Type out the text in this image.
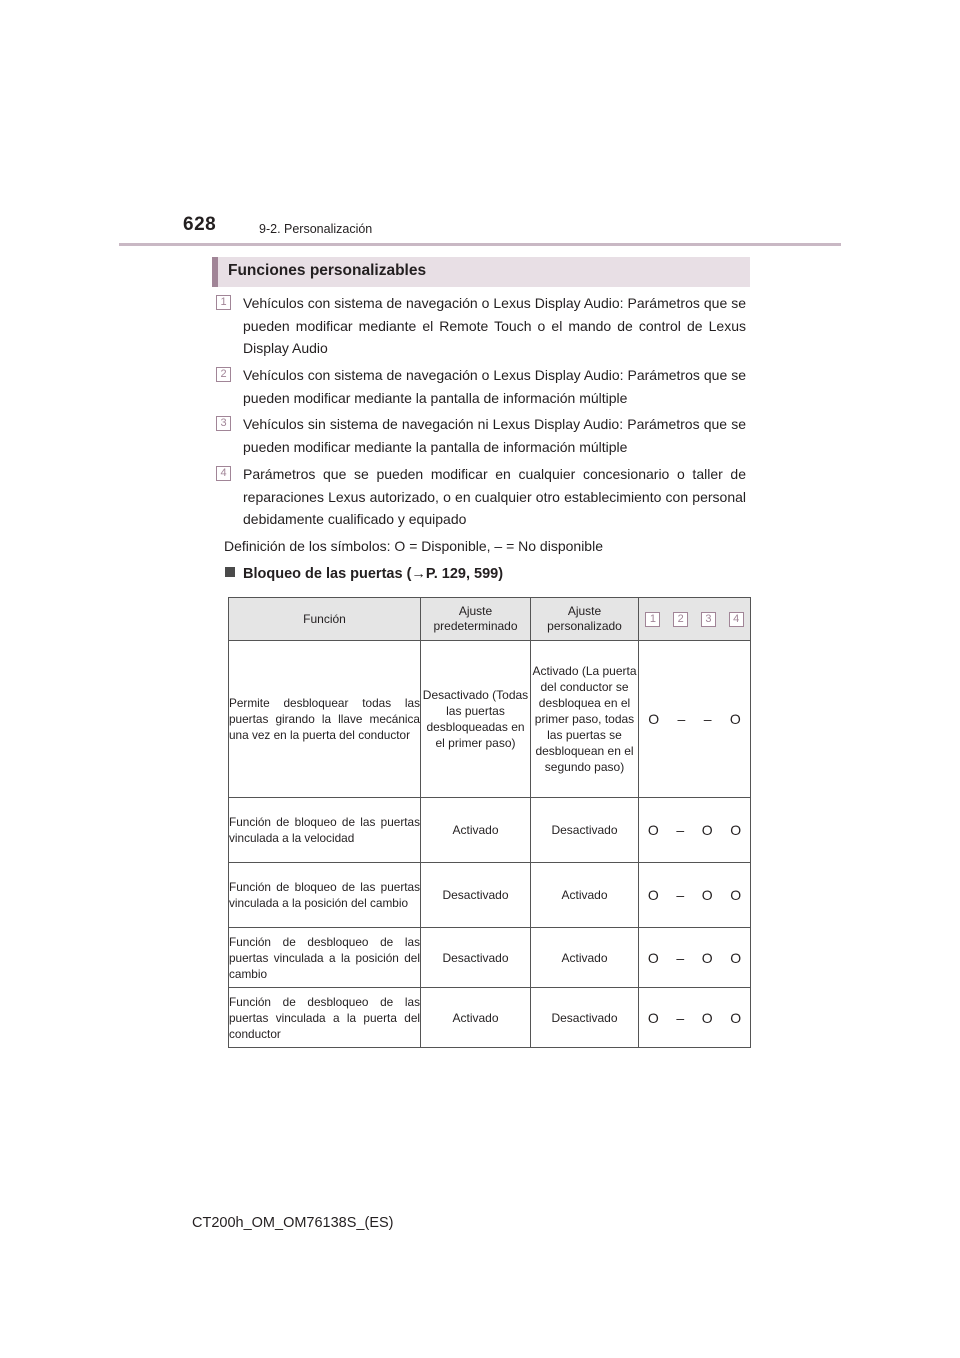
628	9-2. Personalización
Funciones personalizables
1	Vehículos con sistema de navegación o Lexus Display Audio: Parámetros que se pueden modificar mediante el Remote Touch o el mando de control de Lexus Display Audio
2	Vehículos con sistema de navegación o Lexus Display Audio: Parámetros que se pueden modificar mediante la pantalla de información múltiple
3	Vehículos sin sistema de navegación ni Lexus Display Audio: Parámetros que se pueden modificar mediante la pantalla de información múltiple
4	Parámetros que se pueden modificar en cualquier concesionario o taller de reparaciones Lexus autorizado, o en cualquier otro establecimiento con personal debidamente cualificado y equipado
Definición de los símbolos: O = Disponible, – = No disponible
Bloqueo de las puertas (→P. 129, 599)
Función	Ajuste predeterminado	Ajuste personalizado	1 2 3 4

Permite desbloquear todas las puertas girando la llave mecánica una vez en la puerta del conductor	Desactivado (Todas las puertas desbloqueadas en el primer paso)	Activado (La puerta del conductor se desbloquea en el primer paso, todas las puertas se desbloquean en el segundo paso)	O – – O

Función de bloqueo de las puertas vinculada a la velocidad	Activado	Desactivado	O – O O

Función de bloqueo de las puertas vinculada a la posición del cambio	Desactivado	Activado	O – O O

Función de desbloqueo de las puertas vinculada a la posición del cambio	Desactivado	Activado	O – O O

Función de desbloqueo de las puertas vinculada a la puerta del conductor	Activado	Desactivado	O – O O
CT200h_OM_OM76138S_(ES)
